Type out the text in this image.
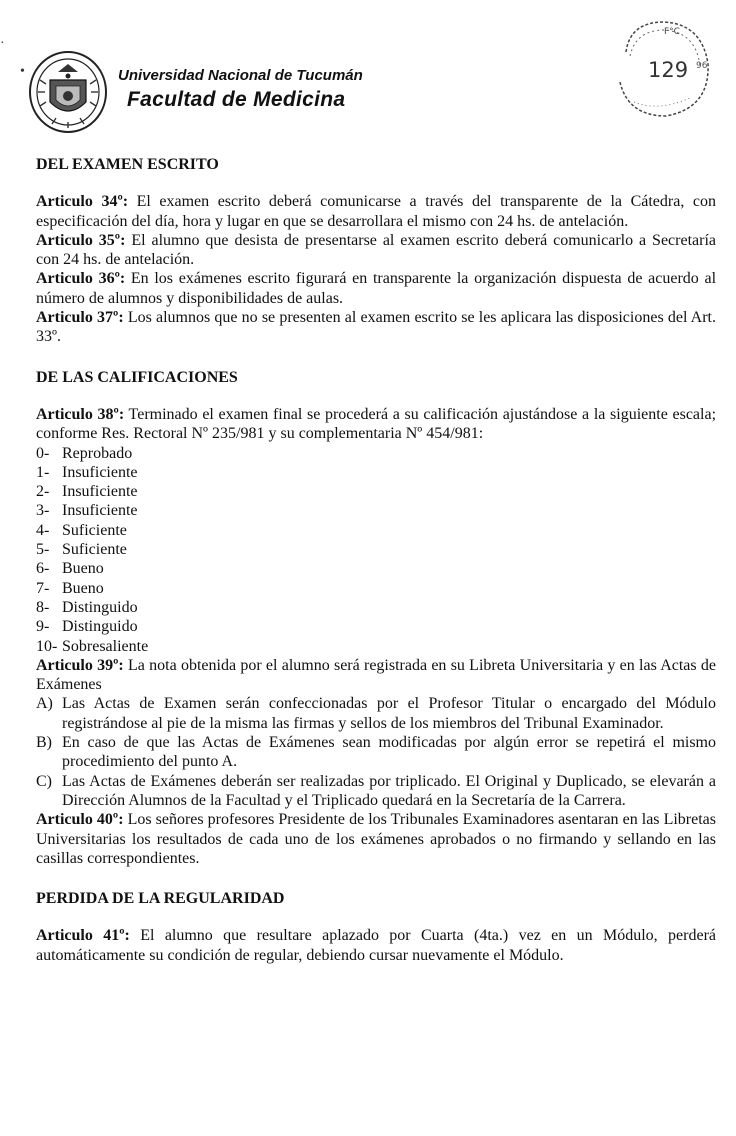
Universidad Nacional de Tucumán
Facultad de Medicina
F°C
96
129
•
·
DEL EXAMEN ESCRITO

Articulo 34º: El examen escrito deberá comunicarse a través del transparente de la Cátedra, con especificación del día, hora y lugar en que se desarrollara el mismo con 24 hs. de antelación.

Articulo 35º: El alumno que desista de presentarse al examen escrito deberá comunicarlo a Secretaría con 24 hs. de antelación.

Articulo 36º: En los exámenes escrito figurará en transparente la organización dispuesta de acuerdo al número de alumnos y disponibilidades de aulas.

Articulo 37º: Los alumnos que no se presenten al examen escrito se les aplicara las disposiciones del Art. 33º.

DE LAS CALIFICACIONES

Articulo 38º: Terminado el examen final se procederá a su calificación ajustándose a la siguiente escala; conforme Res. Rectoral Nº 235/981 y su complementaria Nº 454/981:

0- Reprobado
1- Insuficiente
2- Insuficiente
3- Insuficiente
4- Suficiente
5- Suficiente
6- Bueno
7- Bueno
8- Distinguido
9- Distinguido
10- Sobresaliente

Articulo 39º: La nota obtenida por el alumno será registrada en su Libreta Universitaria y en las Actas de Exámenes

A) Las Actas de Examen serán confeccionadas por el Profesor Titular o encargado del Módulo registrándose al pie de la misma las firmas y sellos de los miembros del Tribunal Examinador.
B) En caso de que las Actas de Exámenes sean modificadas por algún error se repetirá el mismo procedimiento del punto A.
C) Las Actas de Exámenes deberán ser realizadas por triplicado. El Original y Duplicado, se elevarán a Dirección Alumnos de la Facultad y el Triplicado quedará en la Secretaría de la Carrera.

Articulo 40º: Los señores profesores Presidente de los Tribunales Examinadores asentaran en las Libretas Universitarias los resultados de cada uno de los exámenes aprobados o no firmando y sellando en las casillas correspondientes.

PERDIDA DE LA REGULARIDAD

Articulo 41º: El alumno que resultare aplazado por Cuarta (4ta.) vez en un Módulo, perderá automáticamente su condición de regular, debiendo cursar nuevamente el Módulo.
